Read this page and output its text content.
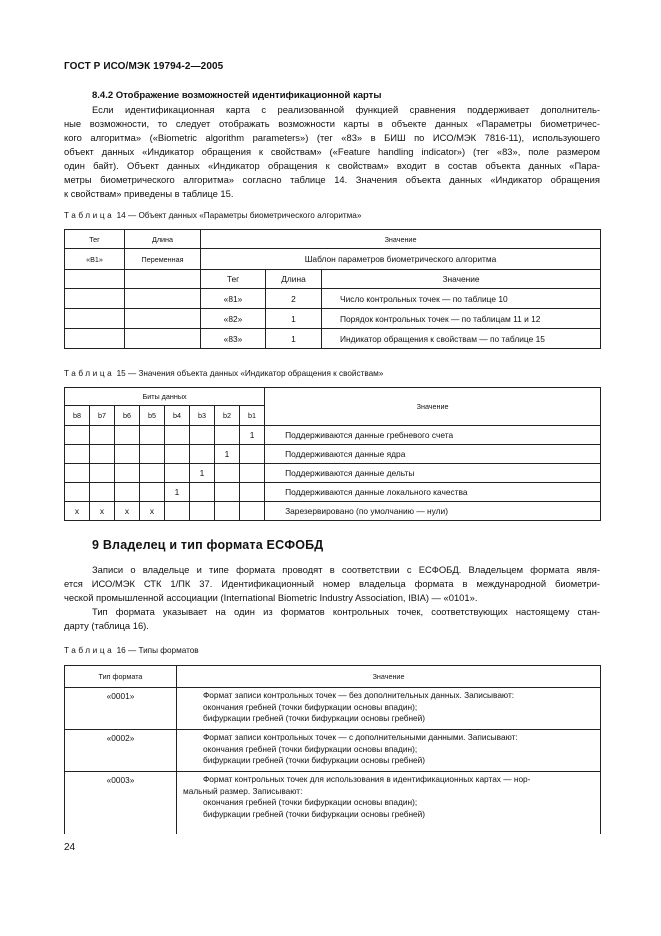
ГОСТ Р ИСО/МЭК 19794-2—2005
8.4.2 Отображение возможностей идентификационной карты
Если идентификационная карта с реализованной функцией сравнения поддерживает дополнитель-
ные возможности, то следует отображать возможности карты в объекте данных «Параметры биометричес-
кого алгоритма» («Biometric algorithm parameters») (тег «83» в БИШ по ИСО/МЭК 7816-11), используюшего
объект данных «Индикатор обращения к свойствам» («Feature handling indicator») (тег «83», поле размером
один байт). Объект данных «Индикатор обращения к свойствам» входит в состав объекта данных «Пара-
метры биометрического алгоритма» согласно таблице 14. Значения объекта данных «Индикатор обращения
к свойствам» приведены в таблице 15.
Таблица 14 — Объект данных «Параметры биометрического алгоритма»
Тег	Длина	Значение		
«B1»	Переменная	Шаблон параметров биометрического алгоритма		
		Тег	Длина	Значение
		«81»	2	Число контрольных точек — по таблице 10
		«82»	1	Порядок контрольных точек — по таблицам 11 и 12
		«83»	1	Индикатор обращения к свойствам — по таблице 15
Таблица 15 — Значения объекта данных «Индикатор обращения к свойствам»
Биты данных								Значение
b8	b7	b6	b5	b4	b3	b2	b1	
							1	Поддерживаются данные гребневого счета
						1		Поддерживаются данные ядра
					1			Поддерживаются данные дельты
				1				Поддерживаются данные локального качества
x	x	x	x					Зарезервировано (по умолчанию — нули)
9 Владелец и тип формата ЕСФОБД
Записи о владельце и типе формата проводят в соответствии с ЕСФОБД. Владельцем формата явля-
ется ИСО/МЭК СТК 1/ПК 37. Идентификационный номер владельца формата в международной биометри-
ческой промышленной ассоциации (International Biometric Industry Association, IBIA) — «0101».
Тип формата указывает на один из форматов контрольных точек, соответствующих настоящему стан-
дарту (таблица 16).
Таблица 16 — Типы форматов
Тип формата	Значение
«0001»	Формат записи контрольных точек — без дополнительных данных. Записывают:
окончания гребней (точки бифуркации основы впадин);
бифуркации гребней (точки бифуркации основы гребней)

«0002»	Формат записи контрольных точек — с дополнительными данными. Записывают:
окончания гребней (точки бифуркации основы впадин);
бифуркации гребней (точки бифуркации основы гребней)

«0003»	Формат контрольных точек для использования в идентификационных картах — нор-
мальный размер. Записывают:
окончания гребней (точки бифуркации основы впадин);
бифуркации гребней (точки бифуркации основы гребней)
24
